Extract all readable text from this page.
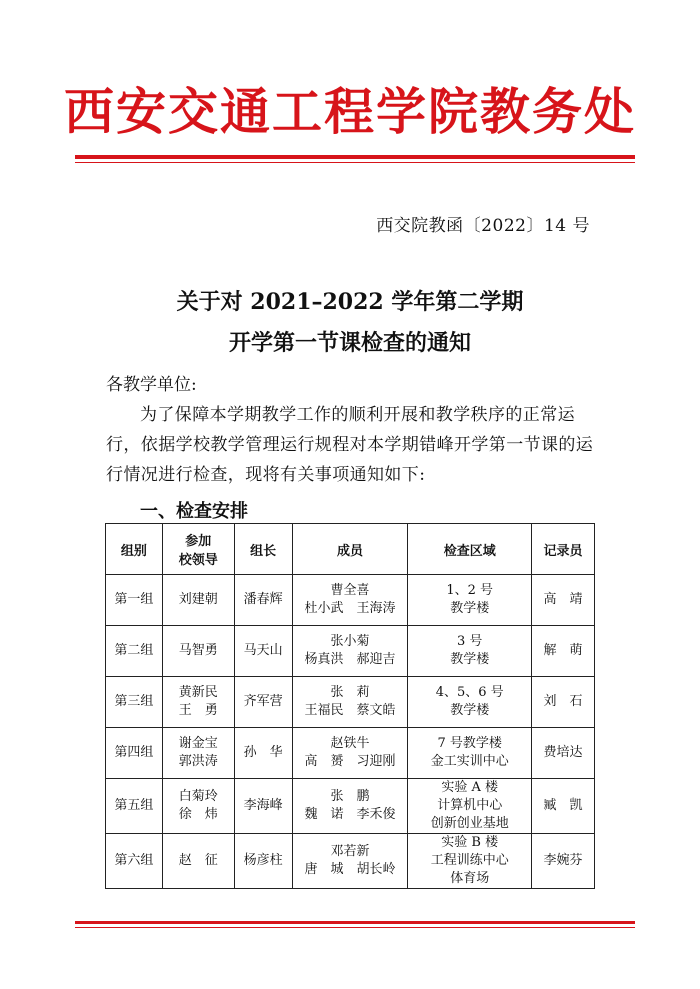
西安交通工程学院教务处
西交院教函〔2022〕14 号
关于对 2021–2022 学年第二学期
开学第一节课检查的通知
各教学单位:
为了保障本学期教学工作的顺利开展和教学秩序的正常运行，依据学校教学管理运行规程对本学期错峰开学第一节课的运行情况进行检查，现将有关事项通知如下:
一、检查安排
组别	参加
校领导	组长	成员	检查区域	记录员

第一组	刘建朝	潘春辉	曹全喜
杜小武　王海涛	1、2 号
教学楼	高　靖

第二组	马智勇	马天山	张小菊
杨真洪　郝迎吉	3 号
教学楼	解　萌

第三组	黄新民
王　勇	齐军营	张　莉
王福民　蔡文皓	4、5、6 号
教学楼	刘　石

第四组	谢金宝
郭洪涛	孙　华	赵铁牛
高　赟　习迎刚	7 号教学楼
金工实训中心	费培达

第五组	白菊玲
徐　炜	李海峰	张　鹏
魏　诺　李禾俊	实验 A 楼
计算机中心
创新创业基地	臧　凯

第六组	赵　征	杨彦柱	邓若新
唐　城　胡长岭	实验 B 楼
工程训练中心
体育场	李婉芬
